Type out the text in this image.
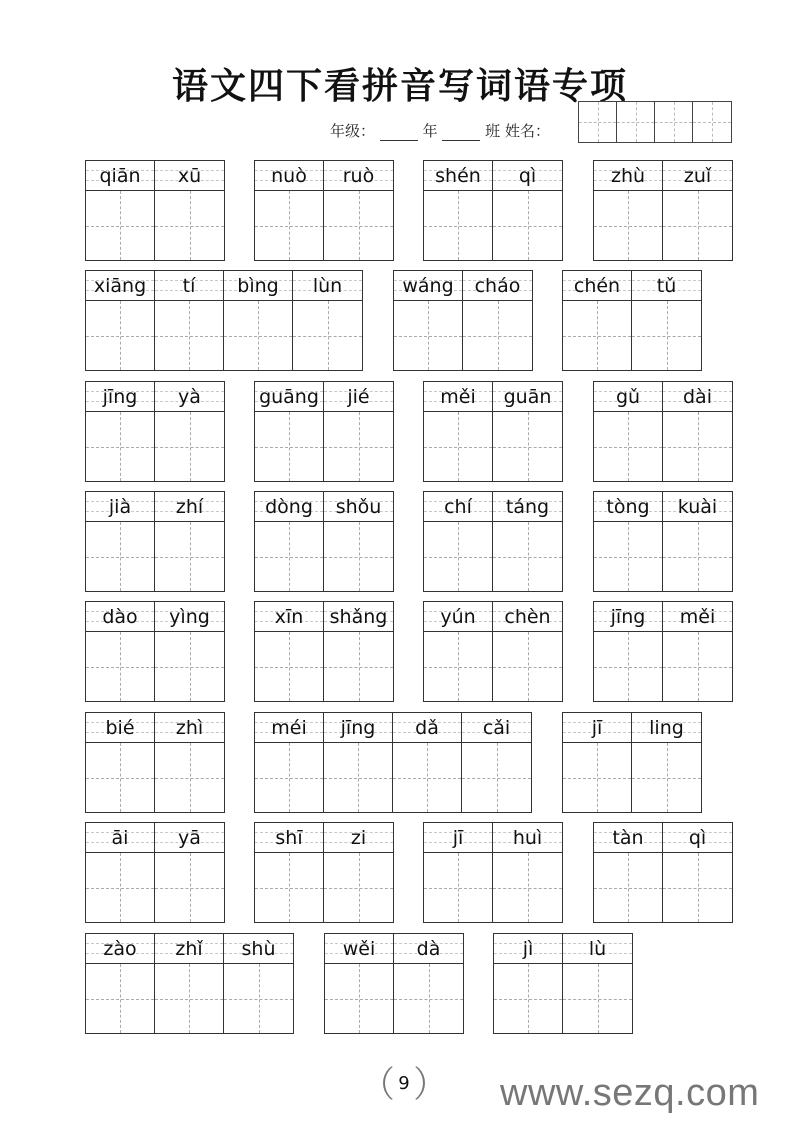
语文四下看拼音写词语专项
年级：	年	班 姓名：
qiān	xū	nuò	ruò	shén	qì	zhù	zuǐ
xiāng	tí	bìng	lùn	wáng	cháo	chén	tǔ
jīng	yà	guāng	jié	měi	guān	gǔ	dài
jià	zhí	dòng	shǒu	chí	táng	tòng	kuài
dào	yìng	xīn	shǎng	yún	chèn	jīng	měi
bié	zhì	méi	jīng	dǎ	cǎi	jī	ling
āi	yā	shī	zi	jī	huì	tàn	qì
zào	zhǐ	shù	wěi	dà	jì	lù
9	www.sezq.com
